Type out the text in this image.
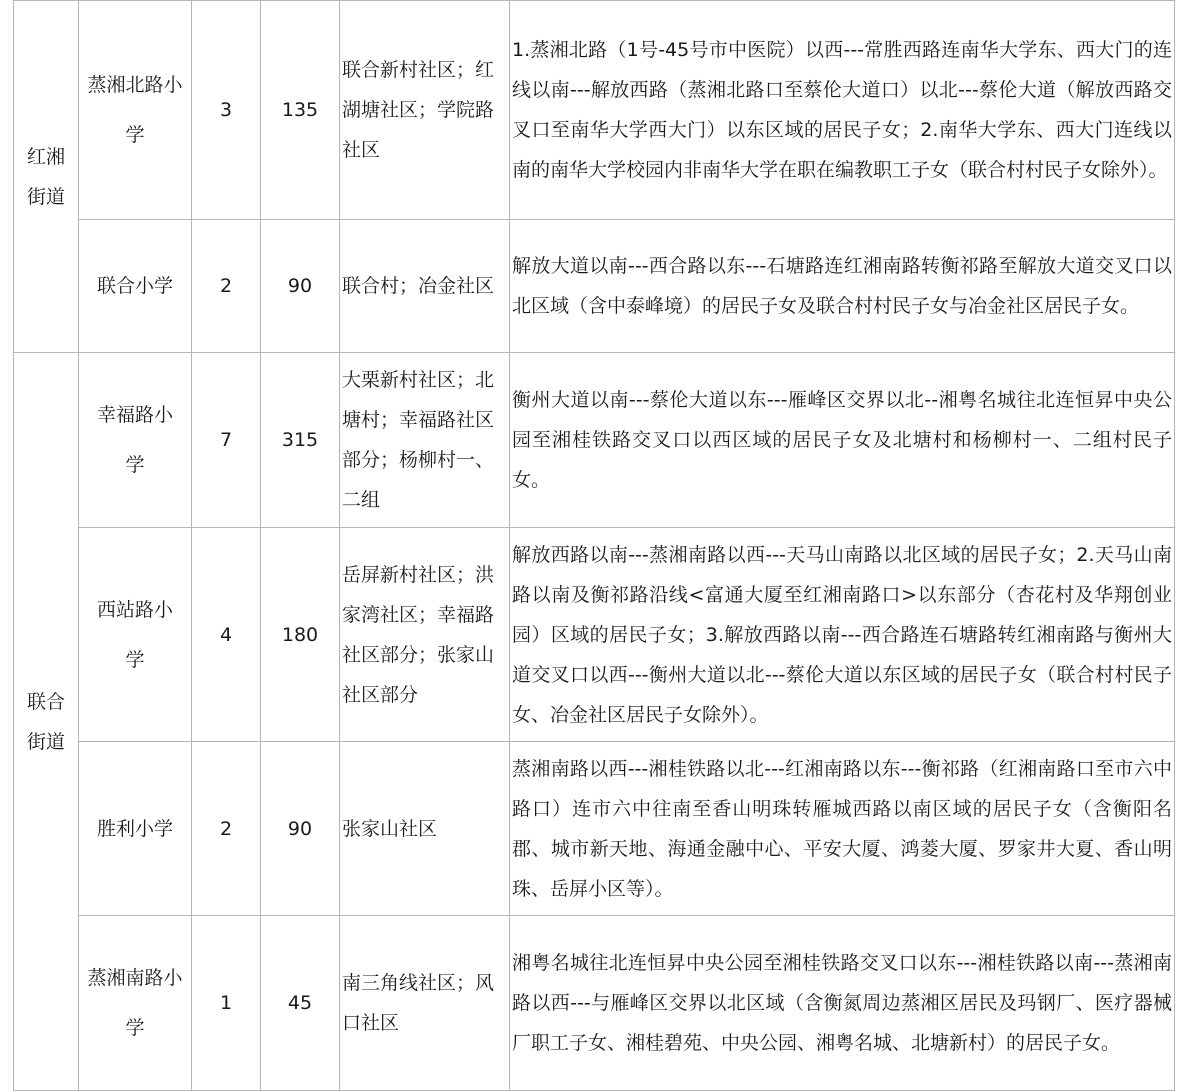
红湘街道	蒸湘北路小学	3	135	联合新村社区；红湖塘社区；学院路社区	1.蒸湘北路（1号-45号市中医院）以西---常胜西路连南华大学东、西大门的连线以南---解放西路（蒸湘北路口至蔡伦大道口）以北---蔡伦大道（解放西路交叉口至南华大学西大门）以东区域的居民子女；2.南华大学东、西大门连线以南的南华大学校园内非南华大学在职在编教职工子女（联合村村民子女除外）。
	联合小学	2	90	联合村；冶金社区	解放大道以南---西合路以东---石塘路连红湘南路转衡祁路至解放大道交叉口以北区域（含中泰峰境）的居民子女及联合村村民子女与冶金社区居民子女。
联合街道	幸福路小学	7	315	大栗新村社区；北塘村；幸福路社区部分；杨柳村一、二组	衡州大道以南---蔡伦大道以东---雁峰区交界以北--湘粤名城往北连恒昇中央公园至湘桂铁路交叉口以西区域的居民子女及北塘村和杨柳村一、二组村民子女。
	西站路小学	4	180	岳屏新村社区；洪家湾社区；幸福路社区部分；张家山社区部分	解放西路以南---蒸湘南路以西---天马山南路以北区域的居民子女；2.天马山南路以南及衡祁路沿线<富通大厦至红湘南路口>以东部分（杏花村及华翔创业园）区域的居民子女；3.解放西路以南---西合路连石塘路转红湘南路与衡州大道交叉口以西---衡州大道以北---蔡伦大道以东区域的居民子女（联合村村民子女、冶金社区居民子女除外）。
	胜利小学	2	90	张家山社区	蒸湘南路以西---湘桂铁路以北---红湘南路以东---衡祁路（红湘南路口至市六中路口）连市六中往南至香山明珠转雁城西路以南区域的居民子女（含衡阳名郡、城市新天地、海通金融中心、平安大厦、鸿菱大厦、罗家井大夏、香山明珠、岳屏小区等）。
	蒸湘南路小学	1	45	南三角线社区；风口社区	湘粤名城往北连恒昇中央公园至湘桂铁路交叉口以东---湘桂铁路以南---蒸湘南路以西---与雁峰区交界以北区域（含衡氮周边蒸湘区居民及玛钢厂、医疗器械厂职工子女、湘桂碧苑、中央公园、湘粤名城、北塘新村）的居民子女。
